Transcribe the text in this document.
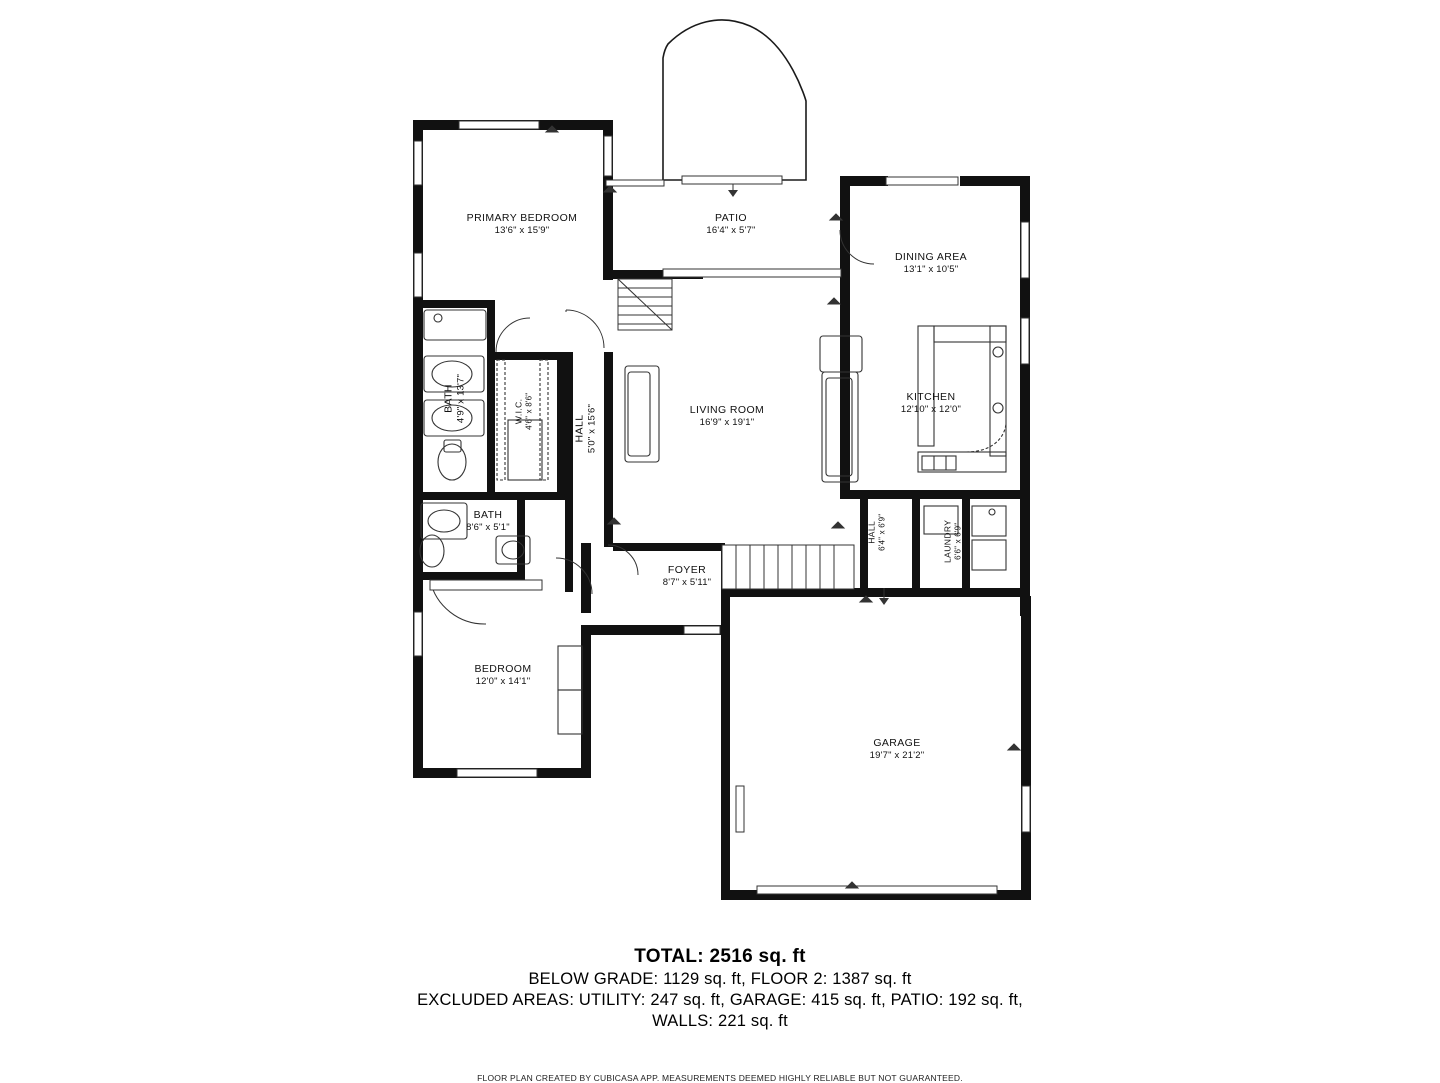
PRIMARY BEDROOM
13'6" x 15'9"
PATIO
16'4" x 5'7"
DINING AREA
13'1" x 10'5"
BATH 4'9" x 13'7"	W.I.C. 4'6" x 8'6"	HALL 5'0" x 15'6"	LIVING ROOM
16'9" x 19'1"
KITCHEN
12'10" x 12'0"
BATH
8'6" x 5'1"
FOYER
8'7" x 5'11"
HALL 6'4" x 6'9"	LAUNDRY 6'6" x 6'9"
BEDROOM
12'0" x 14'1"
GARAGE
19'7" x 21'2"
TOTAL: 2516 sq. ft
BELOW GRADE: 1129 sq. ft, FLOOR 2: 1387 sq. ft
EXCLUDED AREAS: UTILITY: 247 sq. ft, GARAGE: 415 sq. ft, PATIO: 192 sq. ft,
WALLS: 221 sq. ft
FLOOR PLAN CREATED BY CUBICASA APP. MEASUREMENTS DEEMED HIGHLY RELIABLE BUT NOT GUARANTEED.
